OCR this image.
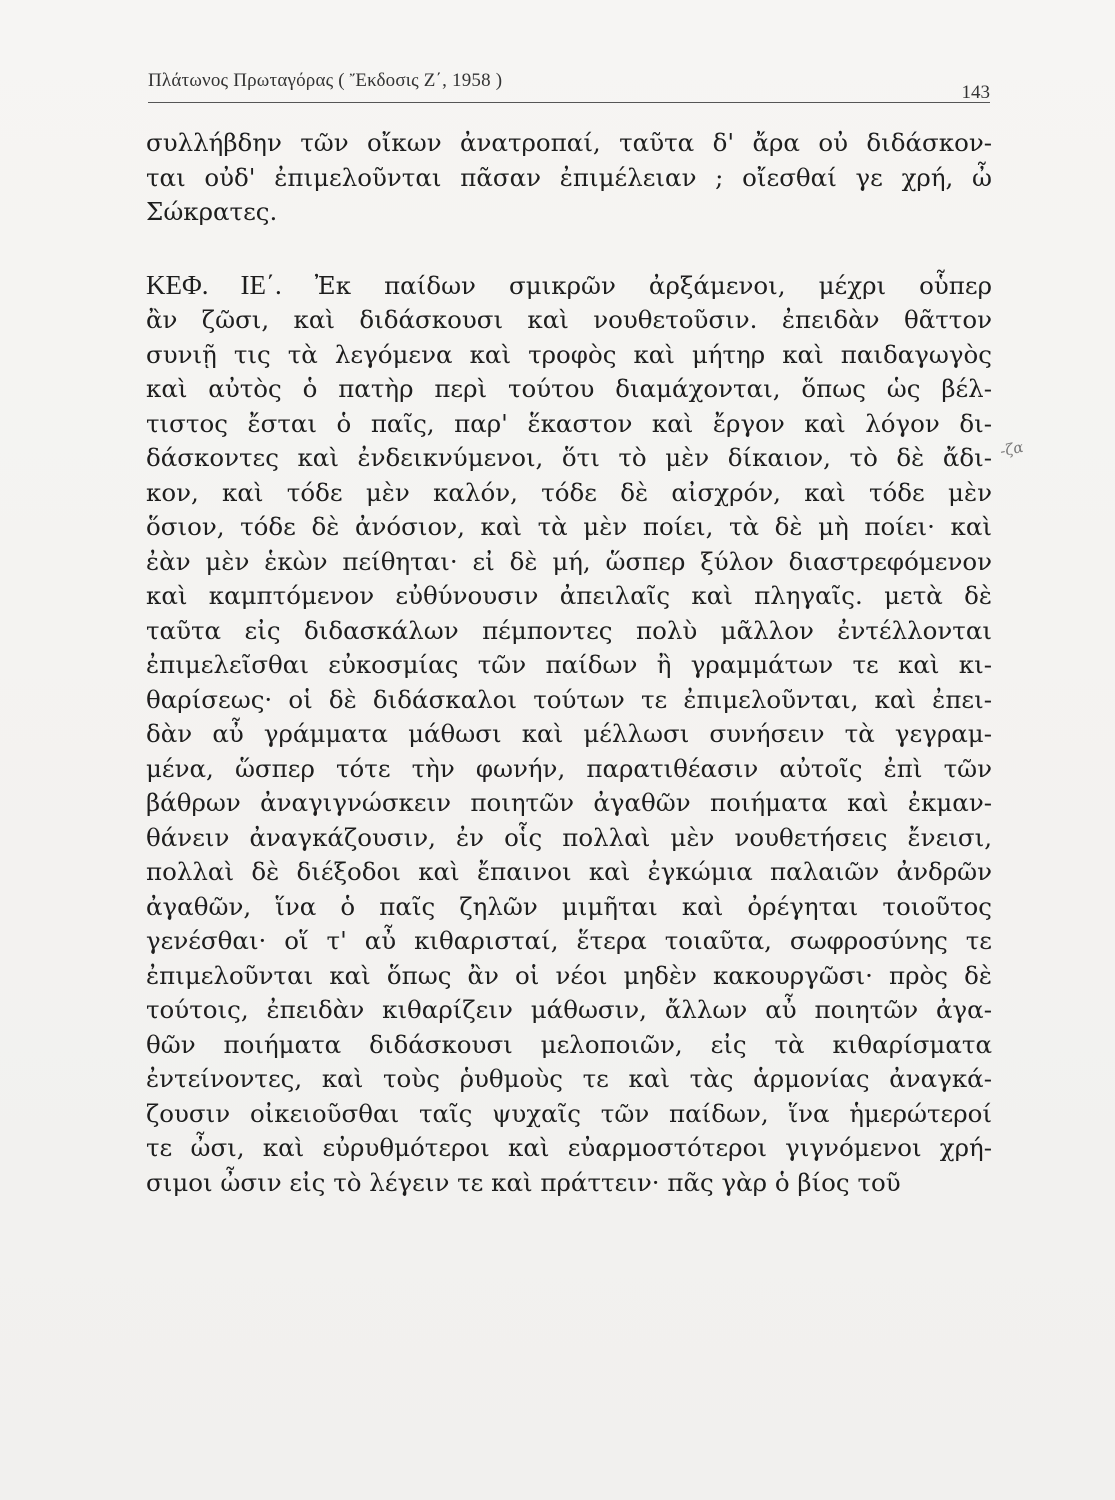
Πλάτωνος Πρωταγόρας ( Ἔκδοσις Ζ΄, 1958 )
143
συλλήβδην τῶν οἴκων ἀνατροπαί, ταῦτα δ' ἄρα οὐ διδάσκον-
ται οὐδ' ἐπιμελοῦνται πᾶσαν ἐπιμέλειαν ; οἴεσθαί γε χρή, ὦ
Σώκρατες.
ΚΕΦ. ΙΕ΄. Ἐκ παίδων σμικρῶν ἀρξάμενοι, μέχρι οὗπερ
ἂν ζῶσι, καὶ διδάσκουσι καὶ νουθετοῦσιν. ἐπειδὰν θᾶττον
συνιῇ τις τὰ λεγόμενα καὶ τροφὸς καὶ μήτηρ καὶ παιδαγωγὸς
καὶ αὐτὸς ὁ πατὴρ περὶ τούτου διαμάχονται, ὅπως ὡς βέλ-
τιστος ἔσται ὁ παῖς, παρ' ἕκαστον καὶ ἔργον καὶ λόγον δι-
δάσκοντες καὶ ἐνδεικνύμενοι, ὅτι τὸ μὲν δίκαιον, τὸ δὲ ἄδι-
κον, καὶ τόδε μὲν καλόν, τόδε δὲ αἰσχρόν, καὶ τόδε μὲν
ὅσιον, τόδε δὲ ἀνόσιον, καὶ τὰ μὲν ποίει, τὰ δὲ μὴ ποίει· καὶ
ἐὰν μὲν ἑκὼν πείθηται· εἰ δὲ μή, ὥσπερ ξύλον διαστρεφόμενον
καὶ καμπτόμενον εὐθύνουσιν ἀπειλαῖς καὶ πληγαῖς. μετὰ δὲ
ταῦτα εἰς διδασκάλων πέμποντες πολὺ μᾶλλον ἐντέλλονται
ἐπιμελεῖσθαι εὐκοσμίας τῶν παίδων ἢ γραμμάτων τε καὶ κι-
θαρίσεως· οἱ δὲ διδάσκαλοι τούτων τε ἐπιμελοῦνται, καὶ ἐπει-
δὰν αὖ γράμματα μάθωσι καὶ μέλλωσι συνήσειν τὰ γεγραμ-
μένα, ὥσπερ τότε τὴν φωνήν, παρατιθέασιν αὐτοῖς ἐπὶ τῶν
βάθρων ἀναγιγνώσκειν ποιητῶν ἀγαθῶν ποιήματα καὶ ἐκμαν-
θάνειν ἀναγκάζουσιν, ἐν οἷς πολλαὶ μὲν νουθετήσεις ἔνεισι,
πολλαὶ δὲ διέξοδοι καὶ ἔπαινοι καὶ ἐγκώμια παλαιῶν ἀνδρῶν
ἀγαθῶν, ἵνα ὁ παῖς ζηλῶν μιμῆται καὶ ὀρέγηται τοιοῦτος
γενέσθαι· οἵ τ' αὖ κιθαρισταί, ἕτερα τοιαῦτα, σωφροσύνης τε
ἐπιμελοῦνται καὶ ὅπως ἂν οἱ νέοι μηδὲν κακουργῶσι· πρὸς δὲ
τούτοις, ἐπειδὰν κιθαρίζειν μάθωσιν, ἄλλων αὖ ποιητῶν ἀγα-
θῶν ποιήματα διδάσκουσι μελοποιῶν, εἰς τὰ κιθαρίσματα
ἐντείνοντες, καὶ τοὺς ῥυθμοὺς τε καὶ τὰς ἁρμονίας ἀναγκά-
ζουσιν οἰκειοῦσθαι ταῖς ψυχαῖς τῶν παίδων, ἵνα ἡμερώτεροί
τε ὦσι, καὶ εὐρυθμότεροι καὶ εὐαρμοστότεροι γιγνόμενοι χρή-
σιμοι ὦσιν εἰς τὸ λέγειν τε καὶ πράττειν· πᾶς γὰρ ὁ βίος τοῦ
-ζα
